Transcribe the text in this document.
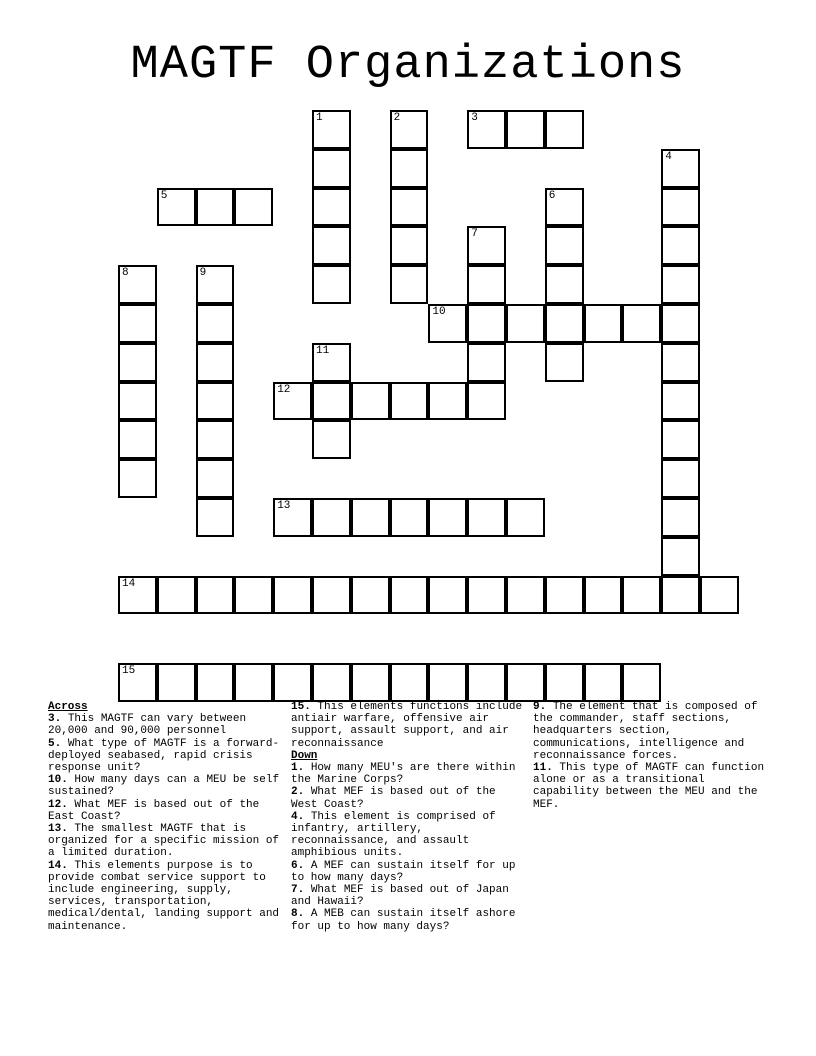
MAGTF Organizations
3
5
10
12
13
14
15
1	2
4
6
7
8	9
11
Across

3. This MAGTF can vary between 20,000 and 90,000 personnel

5. What type of MAGTF is a forward-deployed seabased, rapid crisis response unit?

10. How many days can a MEU be self sustained?

12. What MEF is based out of the East Coast?

13. The smallest MAGTF that is organized for a specific mission of a limited duration.

14. This elements purpose is to provide combat service support to include engineering, supply, services, transportation, medical/dental, landing support and maintenance.

15. This elements functions include antiair warfare, offensive air support, assault support, and air reconnaissance

Down

1. How many MEU's are there within the Marine Corps?

2. What MEF is based out of the West Coast?

4. This element is comprised of infantry, artillery, reconnaissance, and assault amphibious units.

6. A MEF can sustain itself for up to how many days?

7. What MEF is based out of Japan and Hawaii?

8. A MEB can sustain itself ashore for up to how many days?

9. The element that is composed of the commander, staff sections, headquarters section, communications, intelligence and reconnaissance forces.

11. This type of MAGTF can function alone or as a transitional capability between the MEU and the MEF.
